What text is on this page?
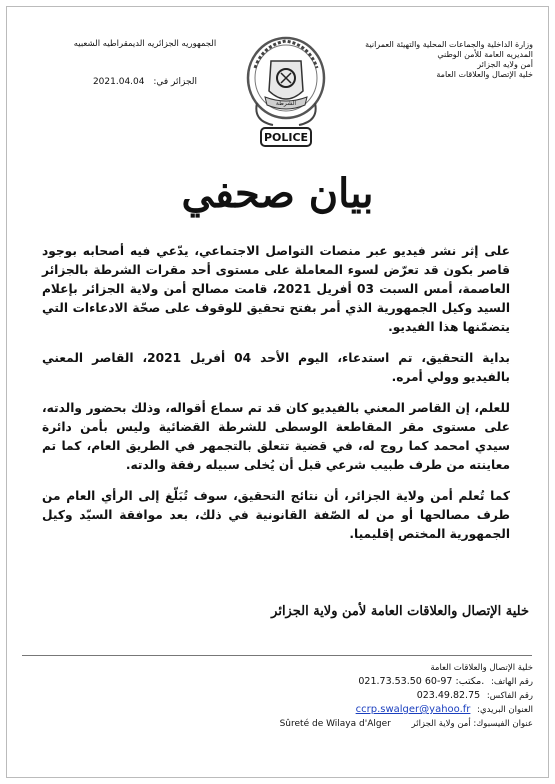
الجمهوريه الجزائريه الديمقراطيه الشعبيه
الجزائر في: 2021.04.04
الشرطة
POLICE
وزارة الداخلية والجماعات المحلية والتهيئة العمرانية
المديريه العامة للأمن الوطني
أمن ولايه الجزائر
خلية الإتصال والعلاقات العامة
بيان صحفي

على إثر نشر فيديو عبر منصات التواصل الاجتماعي، يدّعي فيه أصحابه بوجود قاصر بكون قد تعرّض لسوء المعاملة على مستوى أحد مقرات الشرطة بالجزائر العاصمة، أمس السبت 03 أفريل 2021، قامت مصالح أمن ولاية الجزائر بإعلام السيد وكيل الجمهورية الذي أمر بفتح تحقيق للوقوف على صحّة الادعاءات التي يتضمّنها هذا الفيديو.

بداية التحقيق، تم استدعاء، اليوم الأحد 04 أفريل 2021، القاصر المعني بالفيديو وولي أمره.

للعلم، إن القاصر المعني بالفيديو كان قد تم سماع أقواله، وذلك بحضور والدته، على مستوى مقر المقاطعة الوسطى للشرطة القضائية وليس بأمن دائرة سيدي امحمد كما روج له، في قضية تتعلق بالتجمهر في الطريق العام، كما تم معاينته من طرف طبيب شرعي قبل أن يُخلى سبيله رفقة والدته.

كما تُعلم أمن ولاية الجزائر، أن نتائج التحقيق، سوف تُبَلّغ إلى الرأي العام من طرف مصالحها أو من له الصّفة القانونية في ذلك، بعد موافقة السيّد وكيل الجمهورية المختص إقليميا.

خلية الإتصال والعلاقات العامة لأمن ولاية الجزائر
خلية الإتصال والعلاقات العامة
رقم الهاتف: 021.73.53.50 مكتب: 97-60.
رقم الفاكس: 023.49.82.75
العنوان البريدي: ccrp.swalger@yahoo.fr
عنوان الفيسبوك: أمن ولاية الجزائر Sûreté de Wilaya d'Alger
